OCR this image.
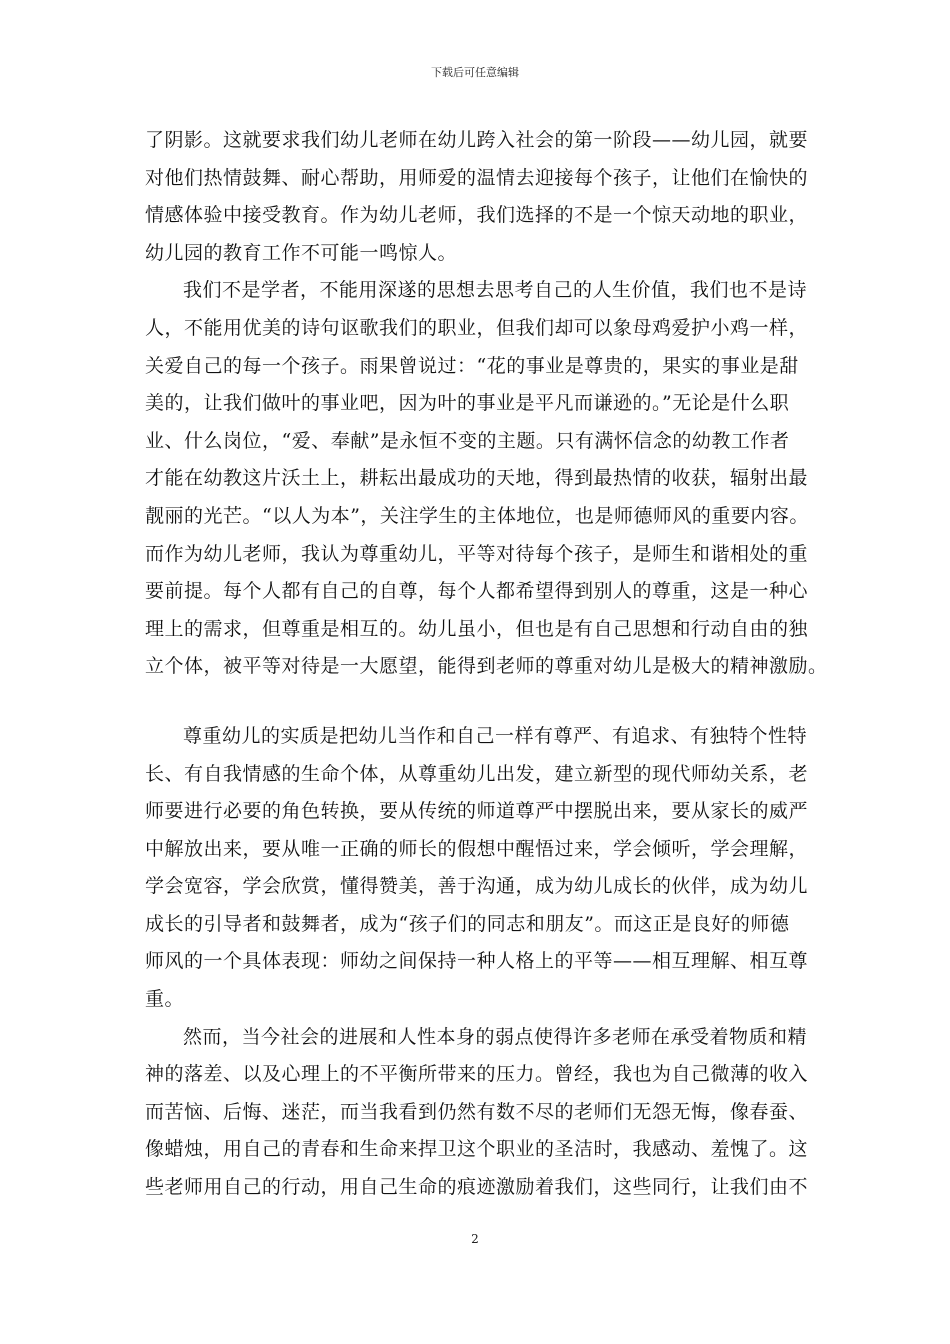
下载后可任意编辑
了阴影。这就要求我们幼儿老师在幼儿跨入社会的第一阶段——幼儿园，就要
对他们热情鼓舞、耐心帮助，用师爱的温情去迎接每个孩子，让他们在愉快的
情感体验中接受教育。作为幼儿老师，我们选择的不是一个惊天动地的职业，
幼儿园的教育工作不可能一鸣惊人。
我们不是学者，不能用深遂的思想去思考自己的人生价值，我们也不是诗
人，不能用优美的诗句讴歌我们的职业，但我们却可以象母鸡爱护小鸡一样，
关爱自己的每一个孩子。雨果曾说过：“花的事业是尊贵的，果实的事业是甜
美的，让我们做叶的事业吧，因为叶的事业是平凡而谦逊的。”无论是什么职
业、什么岗位，“爱、奉献”是永恒不变的主题。只有满怀信念的幼教工作者
才能在幼教这片沃土上，耕耘出最成功的天地，得到最热情的收获，辐射出最
靓丽的光芒。“以人为本”，关注学生的主体地位，也是师德师风的重要内容。
而作为幼儿老师，我认为尊重幼儿，平等对待每个孩子，是师生和谐相处的重
要前提。每个人都有自己的自尊，每个人都希望得到别人的尊重，这是一种心
理上的需求，但尊重是相互的。幼儿虽小，但也是有自己思想和行动自由的独
立个体，被平等对待是一大愿望，能得到老师的尊重对幼儿是极大的精神激励。
尊重幼儿的实质是把幼儿当作和自己一样有尊严、有追求、有独特个性特
长、有自我情感的生命个体，从尊重幼儿出发，建立新型的现代师幼关系，老
师要进行必要的角色转换，要从传统的师道尊严中摆脱出来，要从家长的威严
中解放出来，要从唯一正确的师长的假想中醒悟过来，学会倾听，学会理解，
学会宽容，学会欣赏，懂得赞美，善于沟通，成为幼儿成长的伙伴，成为幼儿
成长的引导者和鼓舞者，成为“孩子们的同志和朋友”。而这正是良好的师德
师风的一个具体表现：师幼之间保持一种人格上的平等——相互理解、相互尊
重。
然而，当今社会的进展和人性本身的弱点使得许多老师在承受着物质和精
神的落差、以及心理上的不平衡所带来的压力。曾经，我也为自己微薄的收入
而苦恼、后悔、迷茫，而当我看到仍然有数不尽的老师们无怨无悔，像春蚕、
像蜡烛，用自己的青春和生命来捍卫这个职业的圣洁时，我感动、羞愧了。这
些老师用自己的行动，用自己生命的痕迹激励着我们，这些同行，让我们由不
2
